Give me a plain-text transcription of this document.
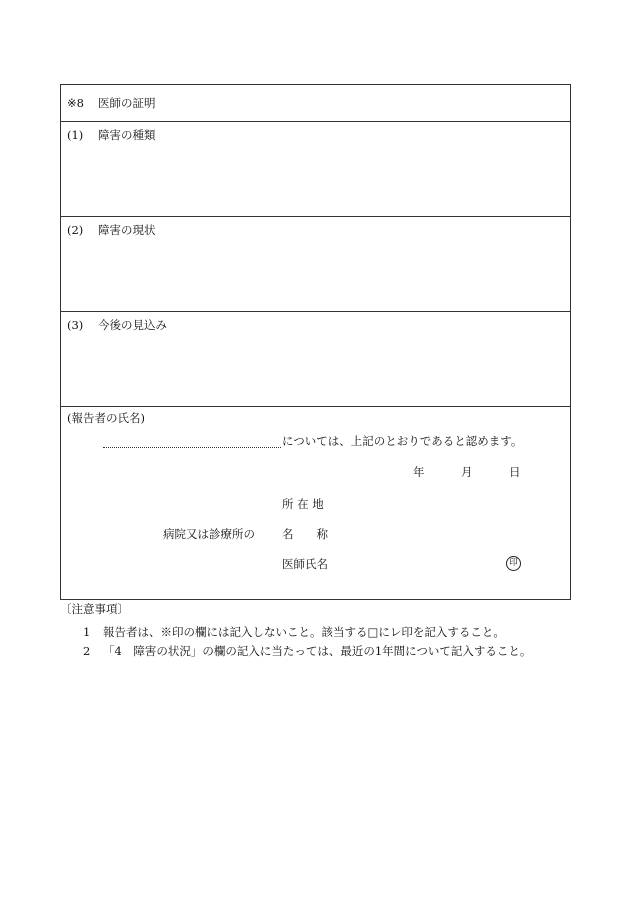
※8 医師の証明
(1) 障害の種類
(2) 障害の現状
(3) 今後の見込み
(報告者の氏名)
については、上記のとおりであると認めます。
年	月	日
所 在 地
病院又は診療所の 名　　称
医師氏名	印
〔注意事項〕
1 報告者は、※印の欄には記入しないこと。該当する□にレ印を記入すること。
2 「4　障害の状況」の欄の記入に当たっては、最近の1年間について記入すること。
